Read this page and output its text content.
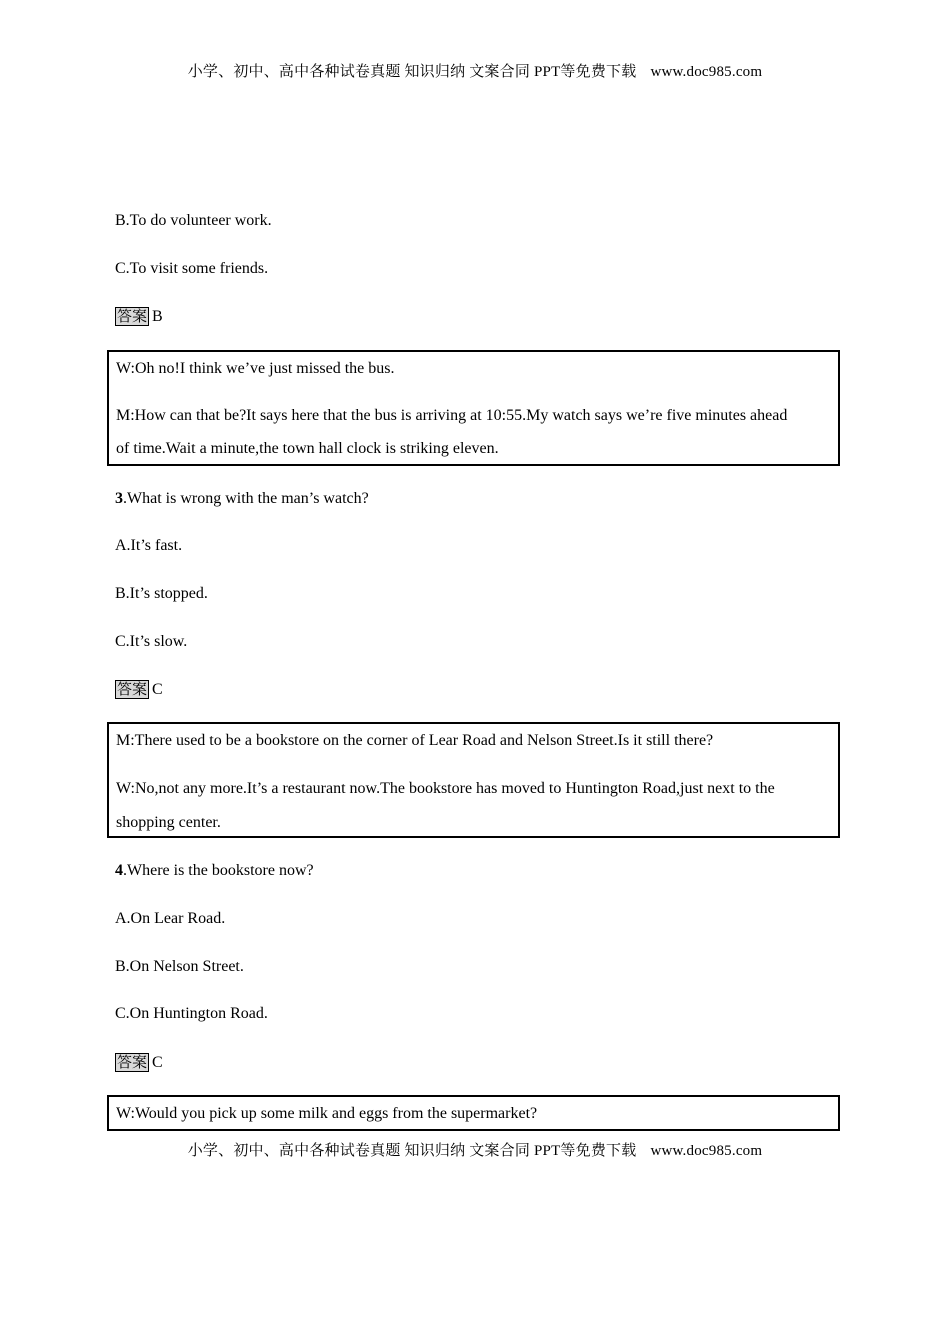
小学、初中、高中各种试卷真题 知识归纳 文案合同 PPT等免费下载 www.doc985.com
B.To do volunteer work.
C.To visit some friends.
答案 B
W:Oh no!I think we’ve just missed the bus.
M:How can that be?It says here that the bus is arriving at 10:55.My watch says we’re five minutes ahead
of time.Wait a minute,the town hall clock is striking eleven.
3.What is wrong with the man’s watch?
A.It’s fast.
B.It’s stopped.
C.It’s slow.
答案 C
M:There used to be a bookstore on the corner of Lear Road and Nelson Street.Is it still there?
W:No,not any more.It’s a restaurant now.The bookstore has moved to Huntington Road,just next to the
shopping center.
4.Where is the bookstore now?
A.On Lear Road.
B.On Nelson Street.
C.On Huntington Road.
答案 C
W:Would you pick up some milk and eggs from the supermarket?
小学、初中、高中各种试卷真题 知识归纳 文案合同 PPT等免费下载 www.doc985.com
